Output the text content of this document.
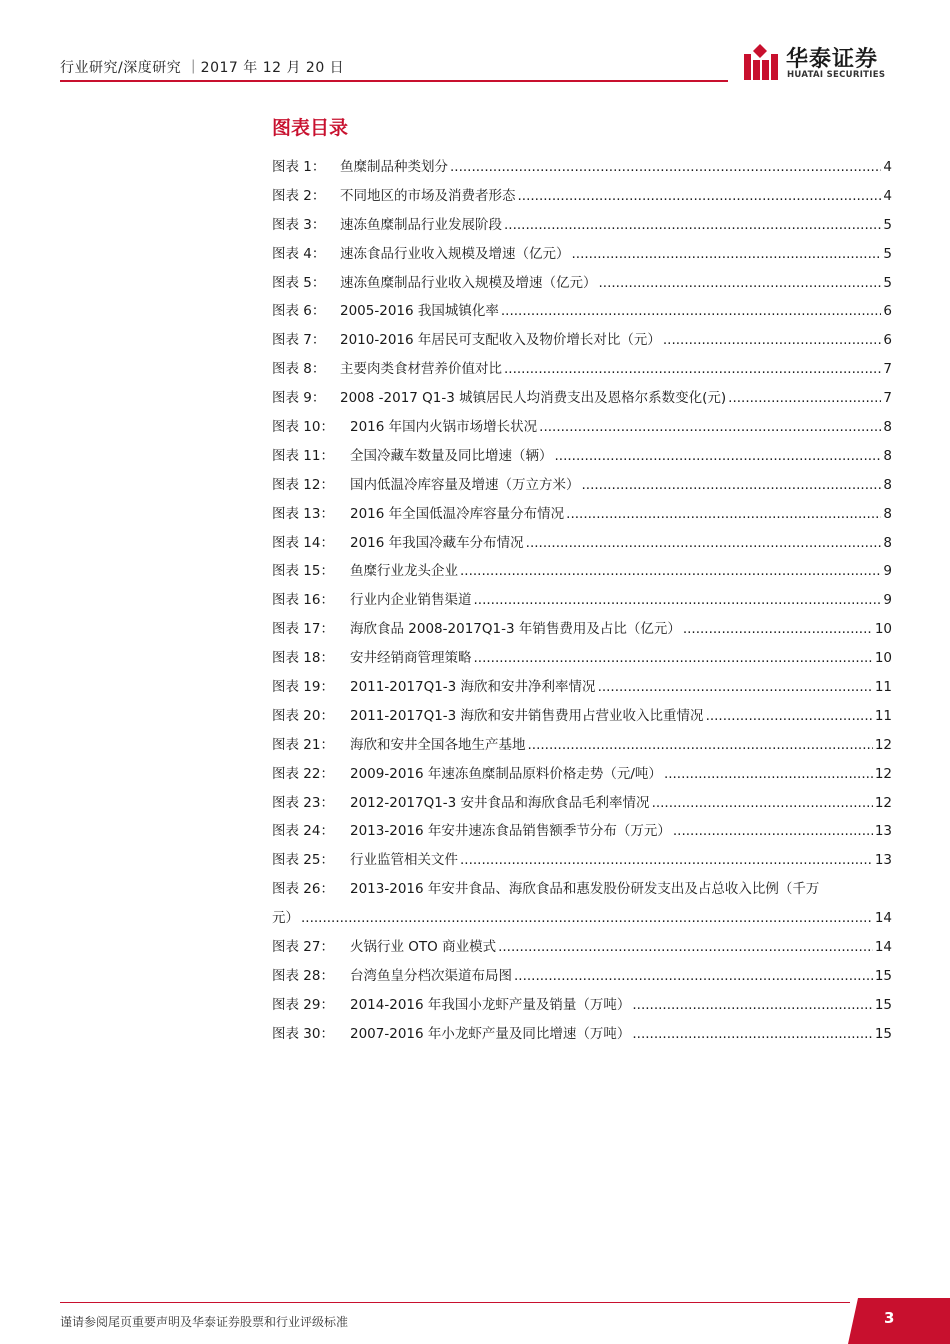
行业研究/深度研究 ｜2017 年 12 月 20 日	华泰证券
HUATAI SECURITIES
图表目录
图表 1：	鱼糜制品种类划分 .....	4
图表 2：	不同地区的市场及消费者形态 .....	4
图表 3：	速冻鱼糜制品行业发展阶段 .....	5
图表 4：	速冻食品行业收入规模及增速（亿元） .....	5
图表 5：	速冻鱼糜制品行业收入规模及增速（亿元） .....	5
图表 6：	2005-2016 我国城镇化率 .....	6
图表 7：	2010-2016 年居民可支配收入及物价增长对比（元） .....	6
图表 8：	主要肉类食材营养价值对比 .....	7
图表 9：	2008 -2017 Q1-3 城镇居民人均消费支出及恩格尔系数变化(元) .....	7
图表 10：	2016 年国内火锅市场增长状况 .....	8
图表 11：	全国冷藏车数量及同比增速（辆） .....	8
图表 12：	国内低温冷库容量及增速（万立方米） .....	8
图表 13：	2016 年全国低温冷库容量分布情况 .....	8
图表 14：	2016 年我国冷藏车分布情况 .....	8
图表 15：	鱼糜行业龙头企业 .....	9
图表 16：	行业内企业销售渠道 .....	9
图表 17：	海欣食品 2008-2017Q1-3 年销售费用及占比（亿元） .....	10
图表 18：	安井经销商管理策略 .....	10
图表 19：	2011-2017Q1-3 海欣和安井净利率情况 .....	11
图表 20：	2011-2017Q1-3 海欣和安井销售费用占营业收入比重情况 .....	11
图表 21：	海欣和安井全国各地生产基地 .....	12
图表 22：	2009-2016 年速冻鱼糜制品原料价格走势（元/吨） .....	12
图表 23：	2012-2017Q1-3 安井食品和海欣食品毛利率情况 .....	12
图表 24：	2013-2016 年安井速冻食品销售额季节分布（万元） .....	13
图表 25：	行业监管相关文件 .....	13
图表 26：	2013-2016 年安井食品、海欣食品和惠发股份研发支出及占总收入比例（千万
元） .....	14
图表 27：	火锅行业 OTO 商业模式 .....	14
图表 28：	台湾鱼皇分档次渠道布局图 .....	15
图表 29：	2014-2016 年我国小龙虾产量及销量（万吨） .....	15
图表 30：	2007-2016 年小龙虾产量及同比增速（万吨） .....	15
谨请参阅尾页重要声明及华泰证券股票和行业评级标准	3
